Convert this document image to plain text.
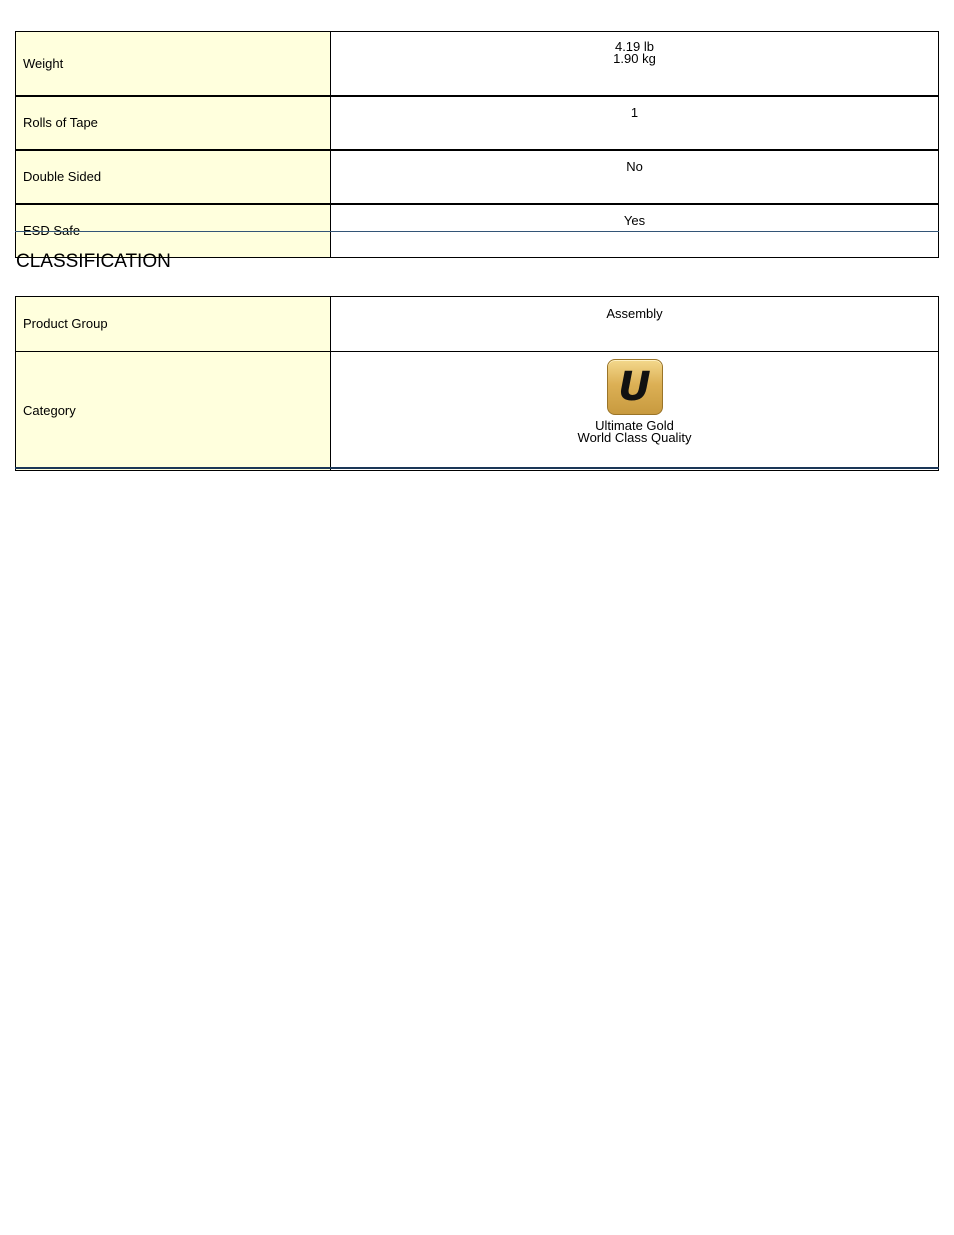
Weight	4.19 lb
1.90 kg

Rolls of Tape	1
Double Sided	No
ESD Safe	Yes
CLASSIFICATION
Product Group	Assembly
Category	U
Ultimate Gold
World Class Quality
